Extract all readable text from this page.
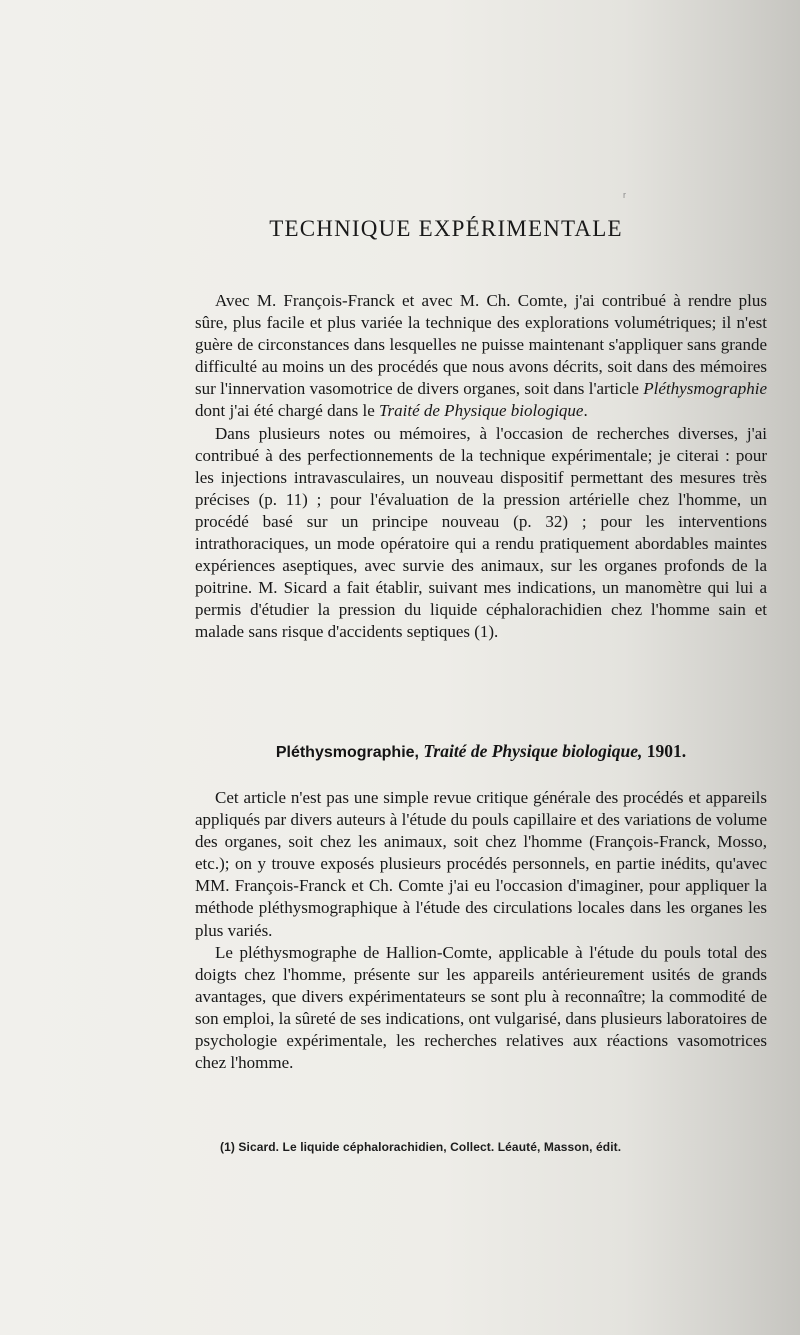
r
TECHNIQUE EXPÉRIMENTALE

Avec M. François-Franck et avec M. Ch. Comte, j'ai contribué à rendre plus sûre, plus facile et plus variée la technique des explorations volumétriques; il n'est guère de circonstances dans lesquelles ne puisse maintenant s'appliquer sans grande difficulté au moins un des procédés que nous avons décrits, soit dans des mémoires sur l'innervation vasomotrice de divers organes, soit dans l'article Pléthysmographie dont j'ai été chargé dans le Traité de Physique biologique.

Dans plusieurs notes ou mémoires, à l'occasion de recherches diverses, j'ai contribué à des perfectionnements de la technique expérimentale; je citerai : pour les injections intravasculaires, un nouveau dispositif permettant des mesures très précises (p. 11) ; pour l'évaluation de la pression artérielle chez l'homme, un procédé basé sur un principe nouveau (p. 32) ; pour les interventions intrathoraciques, un mode opératoire qui a rendu pratiquement abordables maintes expériences aseptiques, avec survie des animaux, sur les organes profonds de la poitrine. M. Sicard a fait établir, suivant mes indications, un manomètre qui lui a permis d'étudier la pression du liquide céphalorachidien chez l'homme sain et malade sans risque d'accidents septiques (1).

Pléthysmographie, Traité de Physique biologique, 1901.

Cet article n'est pas une simple revue critique générale des procédés et appareils appliqués par divers auteurs à l'étude du pouls capillaire et des variations de volume des organes, soit chez les animaux, soit chez l'homme (François-Franck, Mosso, etc.); on y trouve exposés plusieurs procédés personnels, en partie inédits, qu'avec MM. François-Franck et Ch. Comte j'ai eu l'occasion d'imaginer, pour appliquer la méthode pléthysmographique à l'étude des circulations locales dans les organes les plus variés.

Le pléthysmographe de Hallion-Comte, applicable à l'étude du pouls total des doigts chez l'homme, présente sur les appareils antérieurement usités de grands avantages, que divers expérimentateurs se sont plu à reconnaître; la commodité de son emploi, la sûreté de ses indications, ont vulgarisé, dans plusieurs laboratoires de psychologie expérimentale, les recherches relatives aux réactions vasomotrices chez l'homme.

(1) Sicard. Le liquide céphalorachidien, Collect. Léauté, Masson, édit.
